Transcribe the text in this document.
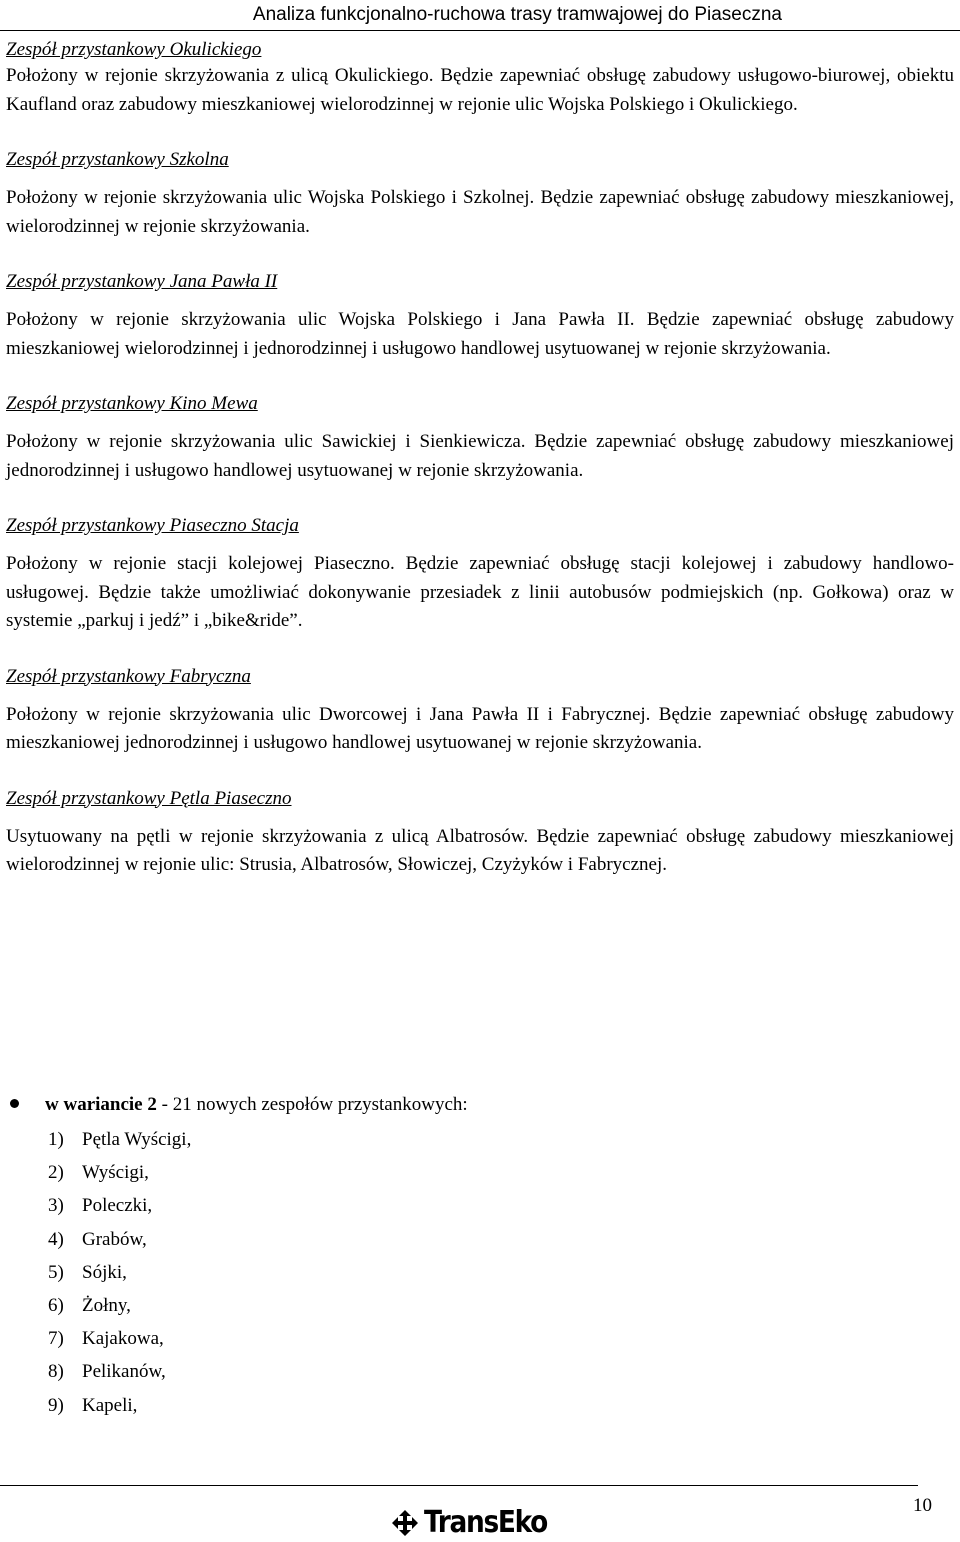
Analiza funkcjonalno-ruchowa trasy tramwajowej do Piaseczna

Zespół przystankowy Okulickiego

Położony w rejonie skrzyżowania z ulicą Okulickiego. Będzie zapewniać obsługę zabudowy usługowo-biurowej, obiektu Kaufland oraz zabudowy mieszkaniowej wielorodzinnej w rejonie ulic Wojska Polskiego i Okulickiego.

Zespół przystankowy Szkolna

Położony w rejonie skrzyżowania ulic Wojska Polskiego i Szkolnej. Będzie zapewniać obsługę zabudowy mieszkaniowej, wielorodzinnej w rejonie skrzyżowania.

Zespół przystankowy Jana Pawła II

Położony w rejonie skrzyżowania ulic Wojska Polskiego i Jana Pawła II. Będzie zapewniać obsługę zabudowy mieszkaniowej wielorodzinnej i jednorodzinnej i usługowo handlowej usytuowanej w rejonie skrzyżowania.

Zespół przystankowy Kino Mewa

Położony w rejonie skrzyżowania ulic Sawickiej i Sienkiewicza. Będzie zapewniać obsługę zabudowy mieszkaniowej jednorodzinnej i usługowo handlowej usytuowanej w rejonie skrzyżowania.

Zespół przystankowy Piaseczno Stacja

Położony w rejonie stacji kolejowej Piaseczno. Będzie zapewniać obsługę stacji kolejowej i zabudowy handlowo-usługowej. Będzie także umożliwiać dokonywanie przesiadek z linii autobusów podmiejskich (np. Gołkowa) oraz w systemie „parkuj i jedź” i „bike&ride”.

Zespół przystankowy Fabryczna

Położony w rejonie skrzyżowania ulic Dworcowej i Jana Pawła II i Fabrycznej. Będzie zapewniać obsługę zabudowy mieszkaniowej jednorodzinnej i usługowo handlowej usytuowanej w rejonie skrzyżowania.

Zespół przystankowy Pętla Piaseczno

Usytuowany na pętli w rejonie skrzyżowania z ulicą Albatrosów. Będzie zapewniać obsługę zabudowy mieszkaniowej wielorodzinnej w rejonie ulic: Strusia, Albatrosów, Słowiczej, Czyżyków i Fabrycznej.

w wariancie 2 - 21 nowych zespołów przystankowych:
1) Pętla Wyścigi,
2) Wyścigi,
3) Poleczki,
4) Grabów,
5) Sójki,
6) Żołny,
7) Kajakowa,
8) Pelikanów,
9) Kapeli,
10
TransEko
